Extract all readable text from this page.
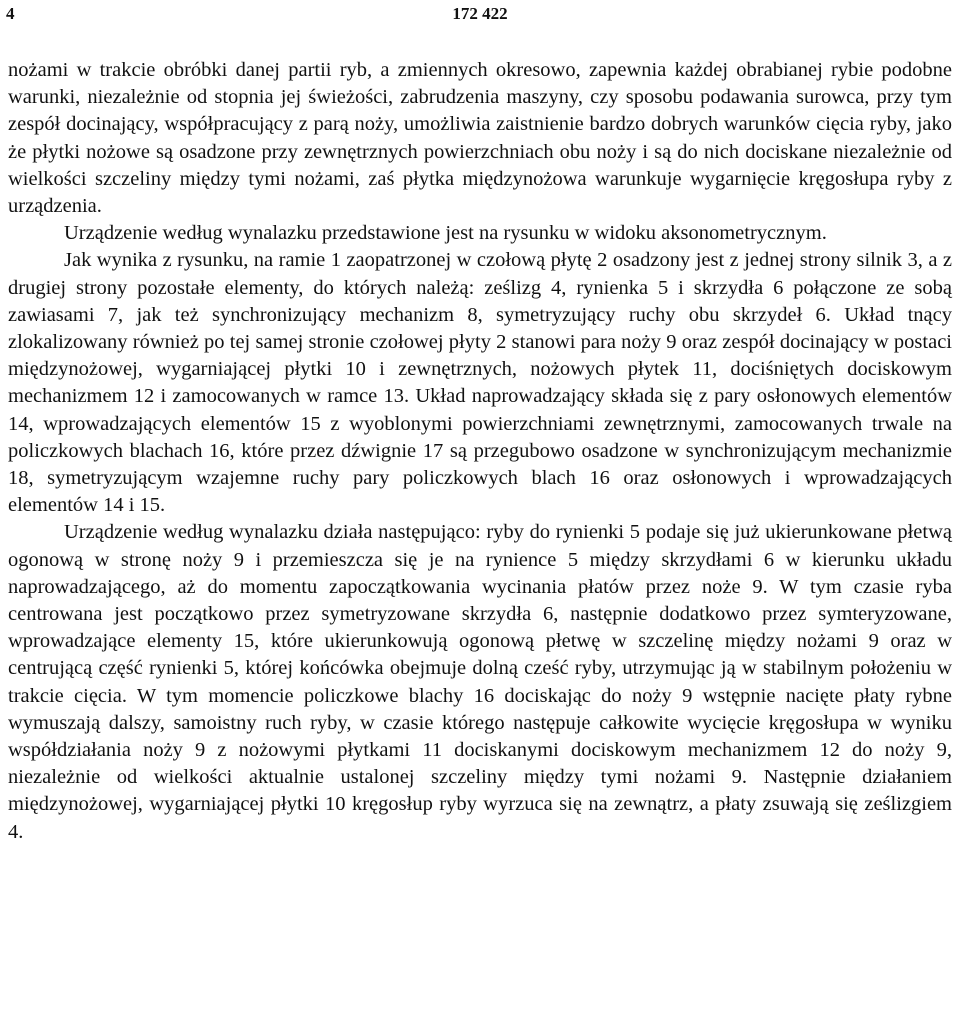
4	172 422

nożami w trakcie obróbki danej partii ryb, a zmiennych okresowo, zapewnia każdej obrabianej rybie podobne warunki, niezależnie od stopnia jej świeżości, zabrudzenia maszyny, czy sposobu podawania surowca, przy tym zespół docinający, współpracujący z parą noży, umożliwia zaistnienie bardzo dobrych warunków cięcia ryby, jako że płytki nożowe są osadzone przy zewnętrznych powierzchniach obu noży i są do nich dociskane niezależnie od wielkości szczeliny między tymi nożami, zaś płytka międzynożowa warunkuje wygarnięcie kręgosłupa ryby z urządzenia.

Urządzenie według wynalazku przedstawione jest na rysunku w widoku aksonometrycznym.

Jak wynika z rysunku, na ramie 1 zaopatrzonej w czołową płytę 2 osadzony jest z jednej strony silnik 3, a z drugiej strony pozostałe elementy, do których należą: ześlizg 4, rynienka 5 i skrzydła 6 połączone ze sobą zawiasami 7, jak też synchronizujący mechanizm 8, symetryzujący ruchy obu skrzydeł 6. Układ tnący zlokalizowany również po tej samej stronie czołowej płyty 2 stanowi para noży 9 oraz zespół docinający w postaci międzynożowej, wygarniającej płytki 10 i zewnętrznych, nożowych płytek 11, dociśniętych dociskowym mechanizmem 12 i zamocowanych w ramce 13. Układ naprowadzający składa się z pary osłonowych elementów 14, wprowadzających elementów 15 z wyoblonymi powierzchniami zewnętrznymi, zamocowanych trwale na policzkowych blachach 16, które przez dźwignie 17 są przegubowo osadzone w synchronizującym mechanizmie 18, symetryzującym wzajemne ruchy pary policzkowych blach 16 oraz osłonowych i wprowadzających elementów 14 i 15.

Urządzenie według wynalazku działa następująco: ryby do rynienki 5 podaje się już ukierunkowane płetwą ogonową w stronę noży 9 i przemieszcza się je na rynience 5 między skrzydłami 6 w kierunku układu naprowadzającego, aż do momentu zapoczątkowania wycinania płatów przez noże 9. W tym czasie ryba centrowana jest początkowo przez symetryzowane skrzydła 6, następnie dodatkowo przez symteryzowane, wprowadzające elementy 15, które ukierunkowują ogonową płetwę w szczelinę między nożami 9 oraz w centrującą część rynienki 5, której końcówka obejmuje dolną cześć ryby, utrzymując ją w stabilnym położeniu w trakcie cięcia. W tym momencie policzkowe blachy 16 dociskając do noży 9 wstępnie nacięte płaty rybne wymuszają dalszy, samoistny ruch ryby, w czasie którego następuje całkowite wycięcie kręgosłupa w wyniku współdziałania noży 9 z nożowymi płytkami 11 dociskanymi dociskowym mechanizmem 12 do noży 9, niezależnie od wielkości aktualnie ustalonej szczeliny między tymi nożami 9. Następnie działaniem międzynożowej, wygarniającej płytki 10 kręgosłup ryby wyrzuca się na zewnątrz, a płaty zsuwają się ześlizgiem 4.
